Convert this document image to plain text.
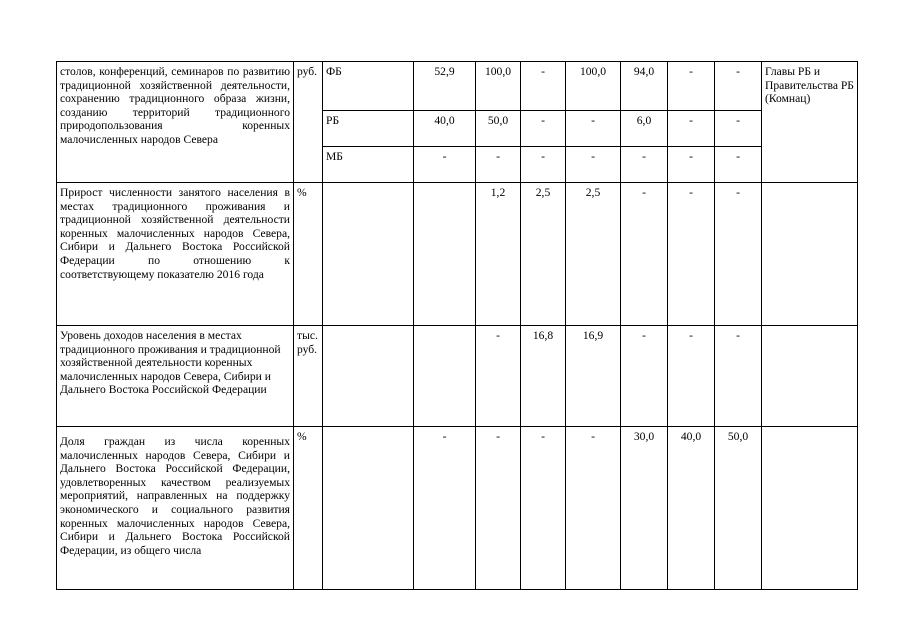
столов, конференций, семинаров по развитию традиционной хозяйственной деятельности, сохранению традиционного образа жизни, созданию территорий традиционного природопользования коренных малочисленных народов Севера	руб.	ФБ	52,9	100,0	-	100,0	94,0	-	-	Главы РБ и Правительства РБ (Комнац)
		РБ	40,0	50,0	-	-	6,0	-	-	
		МБ	-	-	-	-	-	-	-	
Прирост численности занятого населения в местах традиционного проживания и традиционной хозяйственной деятельности коренных малочисленных народов Севера, Сибири и Дальнего Востока Российской Федерации по отношению к соответствующему показателю 2016 года	%			1,2	2,5	2,5	-	-	-	
Уровень доходов населения в местах традиционного проживания и традиционной хозяйственной деятельности коренных малочисленных народов Севера, Сибири и Дальнего Востока Российской Федерации	тыс. руб.			-	16,8	16,9	-	-	-	
Доля граждан из числа коренных малочисленных народов Севера, Сибири и Дальнего Востока Российской Федерации, удовлетворенных качеством реализуемых мероприятий, направленных на поддержку экономического и социального развития коренных малочисленных народов Севера, Сибири и Дальнего Востока Российской Федерации, из общего числа	%		-	-	-	-	30,0	40,0	50,0	
